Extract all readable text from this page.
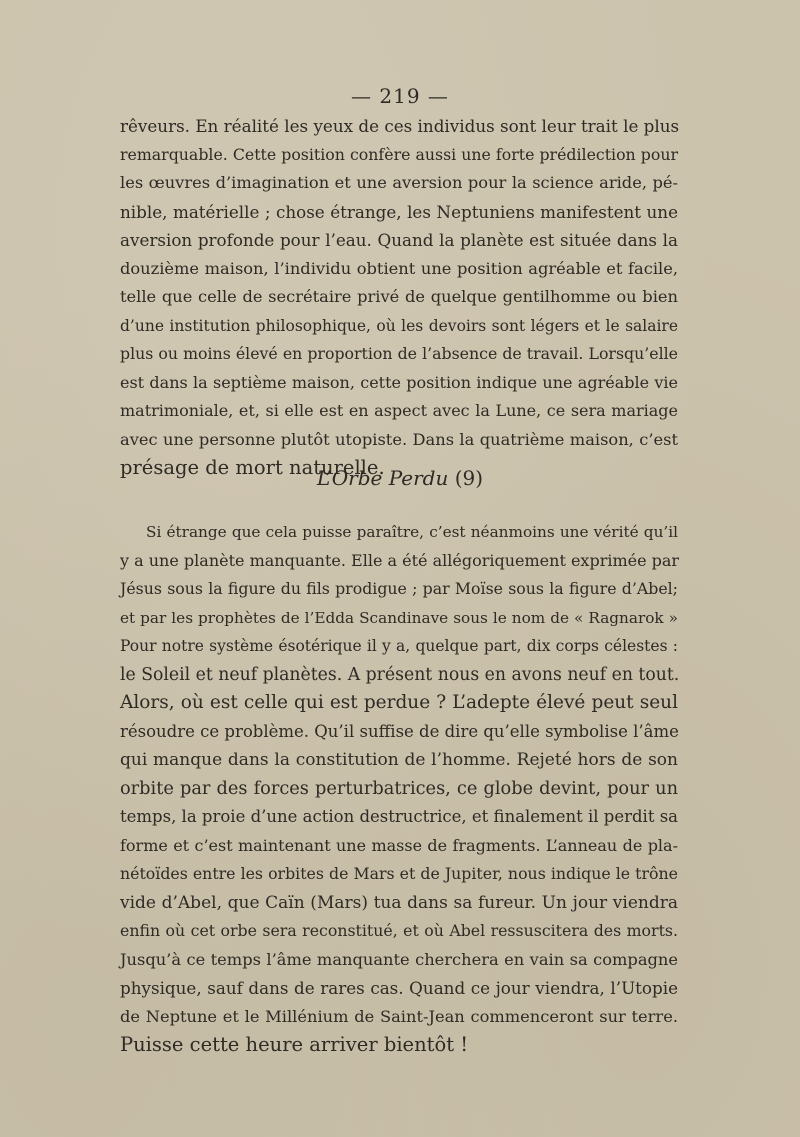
— 219 —

rêveurs. En réalité les yeux de ces individus sont leur trait le plus
remarquable. Cette position confère aussi une forte prédilection pour
les œuvres d’imagination et une aversion pour la science aride, pé-
nible, matérielle ; chose étrange, les Neptuniens manifestent une
aversion profonde pour l’eau. Quand la planète est située dans la
douzième maison, l’individu obtient une position agréable et facile,
telle que celle de secrétaire privé de quelque gentilhomme ou bien
d’une institution philosophique, où les devoirs sont légers et le salaire
plus ou moins élevé en proportion de l’absence de travail. Lorsqu’elle
est dans la septième maison, cette position indique une agréable vie
matrimoniale, et, si elle est en aspect avec la Lune, ce sera mariage
avec une personne plutôt utopiste. Dans la quatrième maison, c’est
présage de mort naturelle.

L’Orbe Perdu (9)

Si étrange que cela puisse paraître, c’est néanmoins une vérité qu’il
y a une planète manquante. Elle a été allégoriquement exprimée par
Jésus sous la figure du fils prodigue ; par Moïse sous la figure d’Abel;
et par les prophètes de l’Edda Scandinave sous le nom de « Ragnarok »
Pour notre système ésotérique il y a, quelque part, dix corps célestes :
le Soleil et neuf planètes. A présent nous en avons neuf en tout.
Alors, où est celle qui est perdue ? L’adepte élevé peut seul
résoudre ce problème. Qu’il suffise de dire qu’elle symbolise l’âme
qui manque dans la constitution de l’homme. Rejeté hors de son
orbite par des forces perturbatrices, ce globe devint, pour un
temps, la proie d’une action destructrice, et finalement il perdit sa
forme et c’est maintenant une masse de fragments. L’anneau de pla-
nétoïdes entre les orbites de Mars et de Jupiter, nous indique le trône
vide d’Abel, que Caïn (Mars) tua dans sa fureur. Un jour viendra
enfin où cet orbe sera reconstitué, et où Abel ressuscitera des morts.
Jusqu’à ce temps l’âme manquante cherchera en vain sa compagne
physique, sauf dans de rares cas. Quand ce jour viendra, l’Utopie
de Neptune et le Millénium de Saint-Jean commenceront sur terre.
Puisse cette heure arriver bientôt !
